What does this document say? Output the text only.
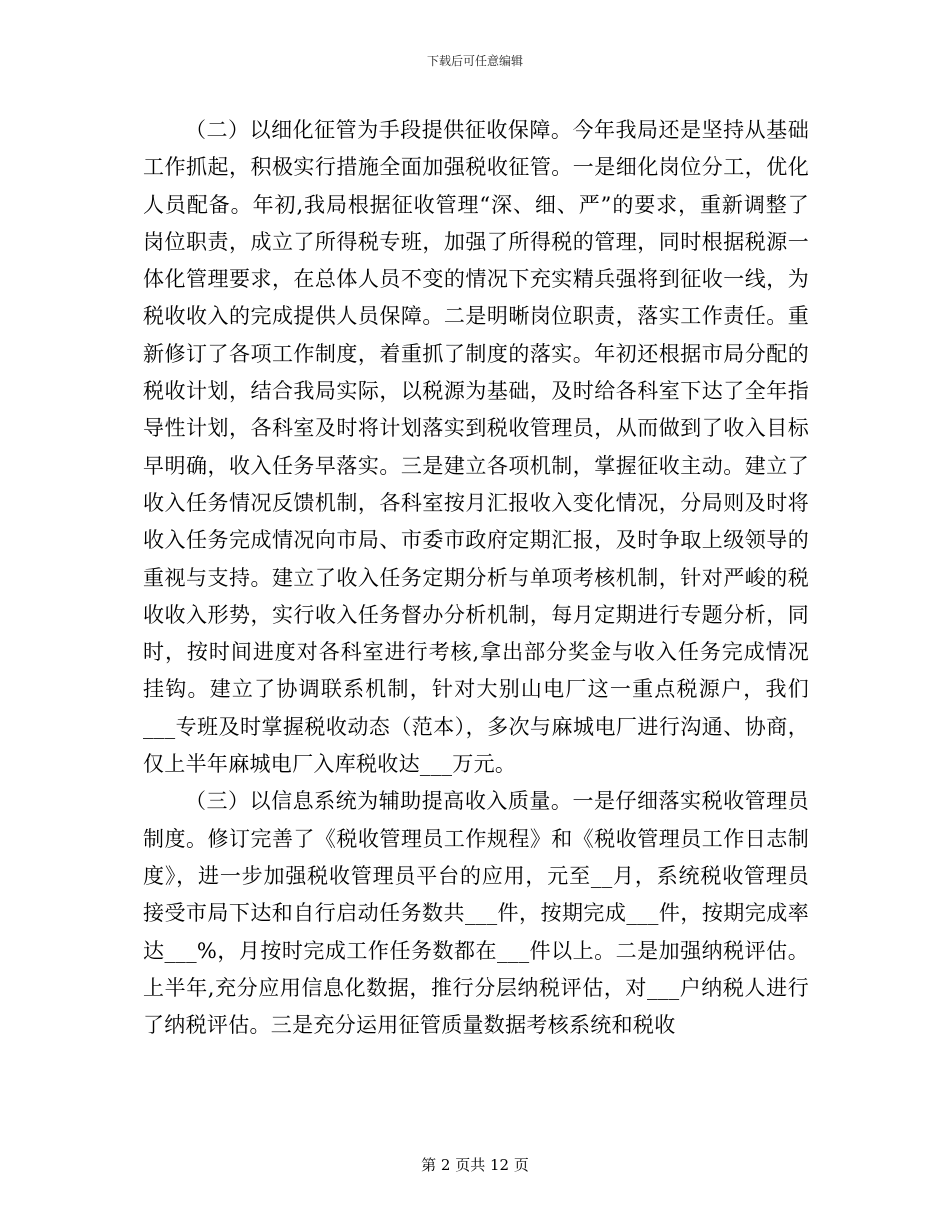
下载后可任意编辑

（二）以细化征管为手段提供征收保障。今年我局还是坚持从基础工作抓起，积极实行措施全面加强税收征管。一是细化岗位分工，优化人员配备。年初,我局根据征收管理“深、细、严”的要求，重新调整了岗位职责，成立了所得税专班，加强了所得税的管理，同时根据税源一体化管理要求，在总体人员不变的情况下充实精兵强将到征收一线，为税收收入的完成提供人员保障。二是明晰岗位职责，落实工作责任。重新修订了各项工作制度，着重抓了制度的落实。年初还根据市局分配的税收计划，结合我局实际，以税源为基础，及时给各科室下达了全年指导性计划，各科室及时将计划落实到税收管理员，从而做到了收入目标早明确，收入任务早落实。三是建立各项机制，掌握征收主动。建立了收入任务情况反馈机制，各科室按月汇报收入变化情况，分局则及时将收入任务完成情况向市局、市委市政府定期汇报，及时争取上级领导的重视与支持。建立了收入任务定期分析与单项考核机制，针对严峻的税收收入形势，实行收入任务督办分析机制，每月定期进行专题分析，同时，按时间进度对各科室进行考核,拿出部分奖金与收入任务完成情况挂钩。建立了协调联系机制，针对大别山电厂这一重点税源户，我们___专班及时掌握税收动态（范本），多次与麻城电厂进行沟通、协商，仅上半年麻城电厂入库税收达___万元。

（三）以信息系统为辅助提高收入质量。一是仔细落实税收管理员制度。修订完善了《税收管理员工作规程》和《税收管理员工作日志制度》，进一步加强税收管理员平台的应用，元至__月，系统税收管理员接受市局下达和自行启动任务数共___件，按期完成___件，按期完成率达___%，月按时完成工作任务数都在___件以上。二是加强纳税评估。上半年,充分应用信息化数据，推行分层纳税评估，对___户纳税人进行了纳税评估。三是充分运用征管质量数据考核系统和税收

第 2 页共 12 页
